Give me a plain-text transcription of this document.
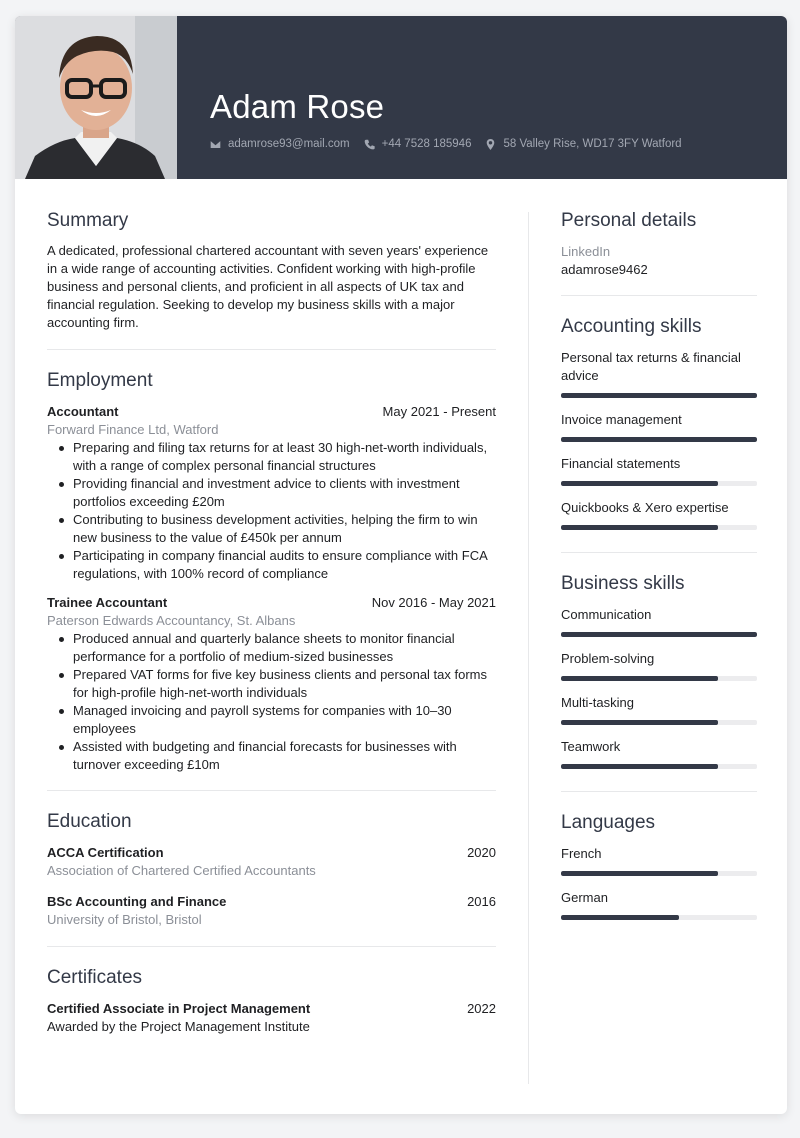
Adam Rose
adamrose93@mail.com	+44 7528 185946	58 Valley Rise, WD17 3FY Watford
Summary
A dedicated, professional chartered accountant with seven years' experience in a wide range of accounting activities. Confident working with high-profile business and personal clients, and proficient in all aspects of UK tax and financial regulation. Seeking to develop my business skills with a major accounting firm.
Employment
Accountant	May 2021 - Present
Forward Finance Ltd, Watford
Preparing and filing tax returns for at least 30 high-net-worth individuals, with a range of complex personal financial structures
Providing financial and investment advice to clients with investment portfolios exceeding £20m
Contributing to business development activities, helping the firm to win new business to the value of £450k per annum
Participating in company financial audits to ensure compliance with FCA regulations, with 100% record of compliance
Trainee Accountant	Nov 2016 - May 2021
Paterson Edwards Accountancy, St. Albans
Produced annual and quarterly balance sheets to monitor financial performance for a portfolio of medium-sized businesses
Prepared VAT forms for five key business clients and personal tax forms for high-profile high-net-worth individuals
Managed invoicing and payroll systems for companies with 10–30 employees
Assisted with budgeting and financial forecasts for businesses with turnover exceeding £10m
Education
ACCA Certification	2020
Association of Chartered Certified Accountants
BSc Accounting and Finance	2016
University of Bristol, Bristol
Certificates
Certified Associate in Project Management	2022
Awarded by the Project Management Institute
Personal details
LinkedIn
adamrose9462
Accounting skills
Personal tax returns & financial advice
Invoice management
Financial statements
Quickbooks & Xero expertise
Business skills
Communication
Problem-solving
Multi-tasking
Teamwork
Languages
French
German
